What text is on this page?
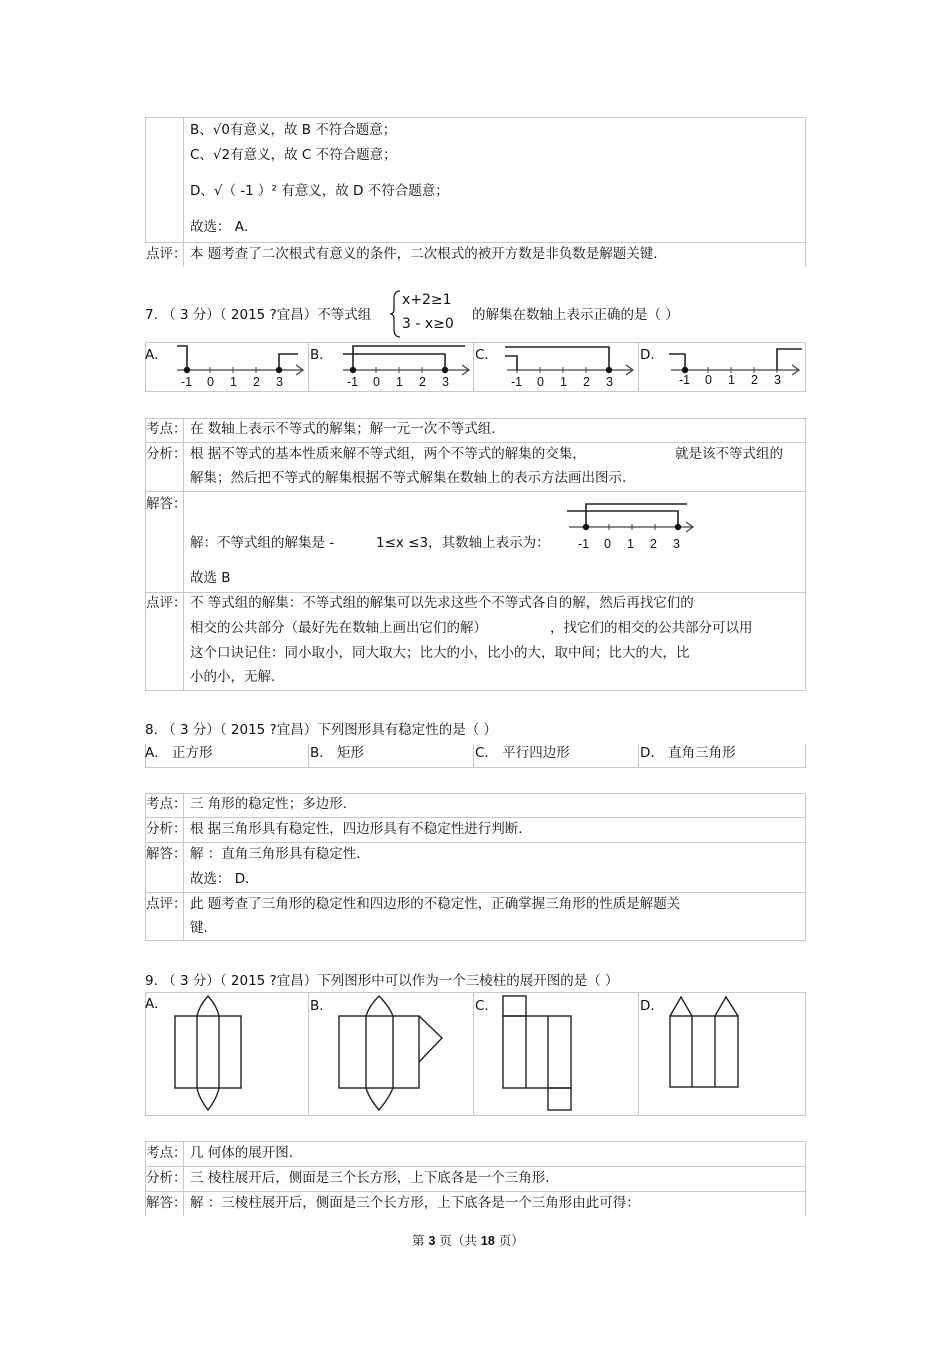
B、√0有意义，故 B 不符合题意；
C、√2有意义，故 C 不符合题意；
D、√（ -1 ）² 有意义，故 D 不符合题意；
故选： A．
点评： 本 题考查了二次根式有意义的条件，二次根式的被开方数是非负数是解题关键.
7. （ 3 分）（ 2015 ?宜昌）不等式组
x+2≥1
3 - x≥0
的解集在数轴上表示正确的是（ ）
A．	B．	C．	D．
-1 0 1 2 3	-1 0 1 2 3	-1 0 1 2 3	-1 0 1 2 3
考点： 在 数轴上表示不等式的解集；解一元一次不等式组.
分析： 根 据不等式的基本性质来解不等式组，两个不等式的解集的交集，	就是该不等式组的
解集；然后把不等式的解集根据不等式解集在数轴上的表示方法画出图示.
解答：
解：不等式组的解集是 -	1≤x ≤3，其数轴上表示为： -1 0 1 2 3
故选 B
点评： 不 等式组的解集：不等式组的解集可以先求这些个不等式各自的解，然后再找它们的
相交的公共部分（最好先在数轴上画出它们的解）	，找它们的相交的公共部分可以用
这个口诀记住：同小取小，同大取大；比大的小，比小的大，取中间；比大的大，比
小的小，无解.
8. （ 3 分）（ 2015 ?宜昌）下列图形具有稳定性的是（ ）
A． 正方形	B． 矩形	C． 平行四边形	D． 直角三角形
考点： 三 角形的稳定性；多边形.
分析： 根 据三角形具有稳定性，四边形具有不稳定性进行判断.
解答： 解 ：直角三角形具有稳定性.
故选： D．
点评： 此 题考查了三角形的稳定性和四边形的不稳定性，正确掌握三角形的性质是解题关
键.
9. （ 3 分）（ 2015 ?宜昌）下列图形中可以作为一个三棱柱的展开图的是（ ）
A．	B．	C．	D．
考点： 几 何体的展开图.
分析： 三 棱柱展开后，侧面是三个长方形，上下底各是一个三角形.
解答： 解 ：三棱柱展开后，侧面是三个长方形，上下底各是一个三角形由此可得：
第 3 页（共 18 页）
